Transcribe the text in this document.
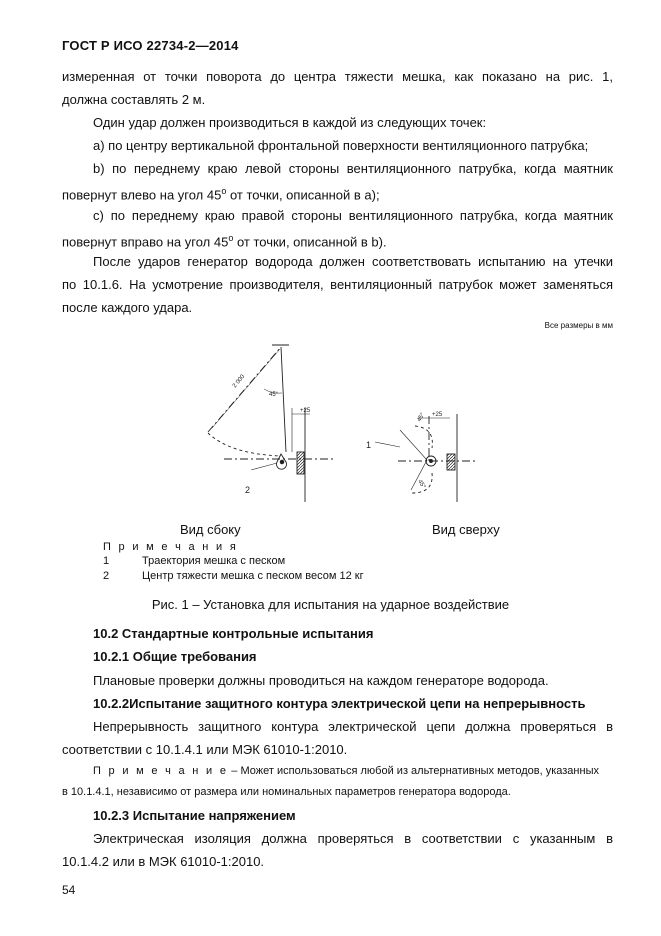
ГОСТ Р ИСО 22734-2—2014
измеренная от точки поворота до центра тяжести мешка, как показано на рис. 1,
должна составлять 2 м.
Один удар должен производиться в каждой из следующих точек:
a) по центру вертикальной фронтальной поверхности вентиляционного патрубка;
b) по переднему краю левой стороны вентиляционного патрубка, когда маятник
повернут влево на угол $45^о$ от точки, описанной в а);
c) по переднему краю правой стороны вентиляционного патрубка, когда маятник
повернут вправо на угол $45^о$ от точки, описанной в b).
После ударов генератор водорода должен соответствовать испытанию на утечки
по 10.1.6. На усмотрение производителя, вентиляционный патрубок может заменяться
после каждого удара.
Все размеры в мм
2 000
45°
+25
45°
45°
+25
2
1
Вид сбоку	Вид сверху
П р и м е ч а н и я
1	Траектория мешка с песком
2	Центр тяжести мешка с песком весом 12 кг
Рис. 1 – Установка для испытания на ударное воздействие
10.2 Стандартные контрольные испытания
10.2.1 Общие требования
Плановые проверки должны проводиться на каждом генераторе водорода.
10.2.2Испытание защитного контура электрической цепи на непрерывность
Непрерывность защитного контура электрической цепи должна проверяться в
соответствии с 10.1.4.1 или МЭК 61010-1:2010.
П р и м е ч а н и е – Может использоваться любой из альтернативных методов, указанных
в 10.1.4.1, независимо от размера или номинальных параметров генератора водорода.
10.2.3 Испытание напряжением
Электрическая изоляция должна проверяться в соответствии с указанным в
10.1.4.2 или в МЭК 61010-1:2010.
54
